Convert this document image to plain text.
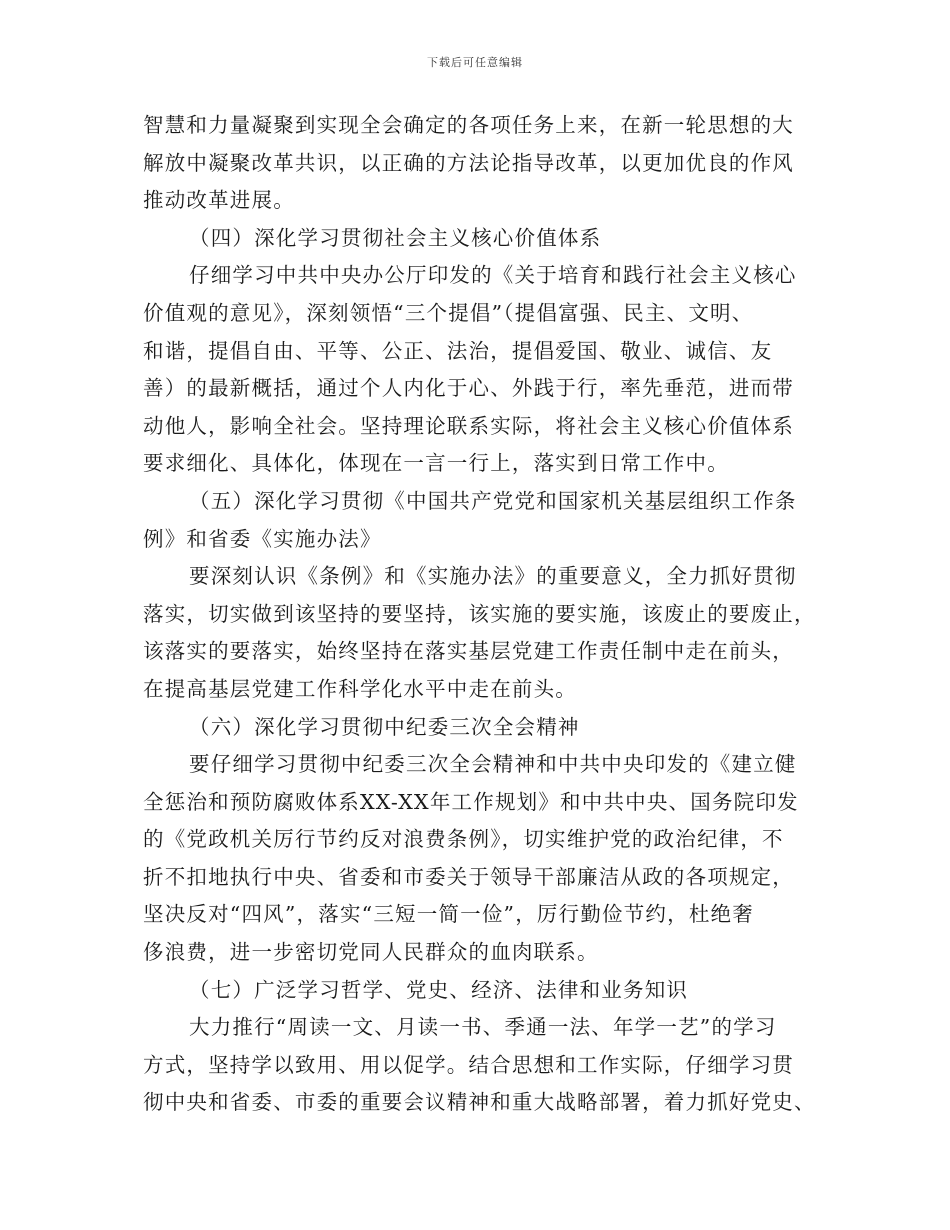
下载后可任意编辑
智慧和力量凝聚到实现全会确定的各项任务上来，在新一轮思想的大
解放中凝聚改革共识，以正确的方法论指导改革，以更加优良的作风
推动改革进展。
（四）深化学习贯彻社会主义核心价值体系
仔细学习中共中央办公厅印发的《关于培育和践行社会主义核心
价值观的意见》，深刻领悟“三个提倡”（提倡富强、民主、文明、
和谐，提倡自由、平等、公正、法治，提倡爱国、敬业、诚信、友
善）的最新概括，通过个人内化于心、外践于行，率先垂范，进而带
动他人，影响全社会。坚持理论联系实际，将社会主义核心价值体系
要求细化、具体化，体现在一言一行上，落实到日常工作中。
（五）深化学习贯彻《中国共产党党和国家机关基层组织工作条
例》和省委《实施办法》
要深刻认识《条例》和《实施办法》的重要意义，全力抓好贯彻
落实，切实做到该坚持的要坚持，该实施的要实施，该废止的要废止，
该落实的要落实，始终坚持在落实基层党建工作责任制中走在前头，
在提高基层党建工作科学化水平中走在前头。
（六）深化学习贯彻中纪委三次全会精神
要仔细学习贯彻中纪委三次全会精神和中共中央印发的《建立健
全惩治和预防腐败体系XX-XX年工作规划》和中共中央、国务院印发
的《党政机关厉行节约反对浪费条例》，切实维护党的政治纪律，不
折不扣地执行中央、省委和市委关于领导干部廉洁从政的各项规定，
坚决反对“四风”，落实“三短一简一俭”，厉行勤俭节约，杜绝奢
侈浪费，进一步密切党同人民群众的血肉联系。
（七）广泛学习哲学、党史、经济、法律和业务知识
大力推行“周读一文、月读一书、季通一法、年学一艺”的学习
方式，坚持学以致用、用以促学。结合思想和工作实际，仔细学习贯
彻中央和省委、市委的重要会议精神和重大战略部署，着力抓好党史、
